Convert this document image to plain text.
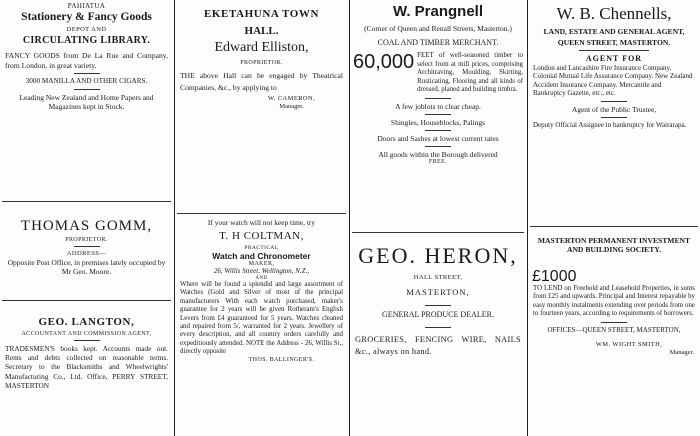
PAHIATUA
Stationery & Fancy Goods
DEPOT AND
CIRCULATING LIBRARY.
FANCY GOODS from De La Rue and Company, from London, in great variety.
3000 MANILLA AND OTHER CIGARS.
Leading New Zealand and Home Papers and Magazines kept in Stock.
THOMAS GOMM,
PROPRIETOR.
ADDRESS—
Opposite Post Office, in premises lately occupied by Mr Geo. Moore.
GEO. LANGTON,
ACCOUNTANT AND COMMISSION AGENT,
TRADESMEN'S books kept. Accounts made out. Rents and debts collected on reasonable terms. Secretary to the Blacksmiths and Wheelwrights' Manufacturing Co., Ltd. Office, PERRY STREET, MASTERTON
EKETAHUNA TOWN
HALL.
Edward Elliston,
PROPRIETOR.
THE above Hall can be engaged by Theatrical Companies, &c., by applying to
W. CAMERON,
Manager.
If your watch will not keep time, try
T. H COLTMAN,
PRACTICAL
Watch and Chronometer
MAKER,
26, Willis Street, Wellington, N.Z.,
AND
Where will be found a splendid and large assortment of Watches (Gold and Silver of most of the principal manufacturers With each watch purchased, maker's guarantee for 2 years will be given Rotheram's English Levers from £4 guaranteed for 5 years. Watches cleaned and repaired from 5/, warranted for 2 years. Jewellery of every description, and all country orders carefully and expeditiously attended. NOTE the Address - 26, Willis St., directly opposite
THOS. BALLINGER'S.
W. Prangnell
(Corner of Queen and Renall Streets, Masterton.)
COAL AND TIMBER MERCHANT.
60,000 FEET of well-seasoned timber to select from at mill prices, comprising Architraving, Moulding, Skirting, Rusticating, Flooring and all kinds of dressed, planed and building timbra.
A few joblots to clear cheap.
Shingles, Houseblocks, Palings
Doors and Sashes at lowest current rates
All goods within the Borough delivered
FREE.
GEO. HERON,
HALL STREET,
MASTERTON,
GENERAL PRODUCE DEALER.
GROCERIES, FENCING WIRE, NAILS &c., always on hand.
W. B. Chennells,
LAND, ESTATE AND GENERAL AGENT,
QUEEN STREET, MASTERTON.
AGENT FOR
London and Lancashire Fire Insurance Company. Colonial Mutual Life Assurance Company. New Zealand Accident Insurance Company. Mercantile and Bankruptcy Gazette, etc., etc.
Agent of the Public Trustee,
Deputy Official Assignee in bankruptcy for Wairarapa.
MASTERTON PERMANENT INVESTMENT AND BUILDING SOCIETY.
£1000
TO LEND on Freehold and Leasehold Properties, in sums from £25 and upwards. Principal and Interest repayable by easy monthly instalments extending over periods from one to fourteen years, according to requirements of borrowers.
OFFICES—QUEEN STREET, MASTERTON,
WM. WIGHT SMITH,
Manager.
